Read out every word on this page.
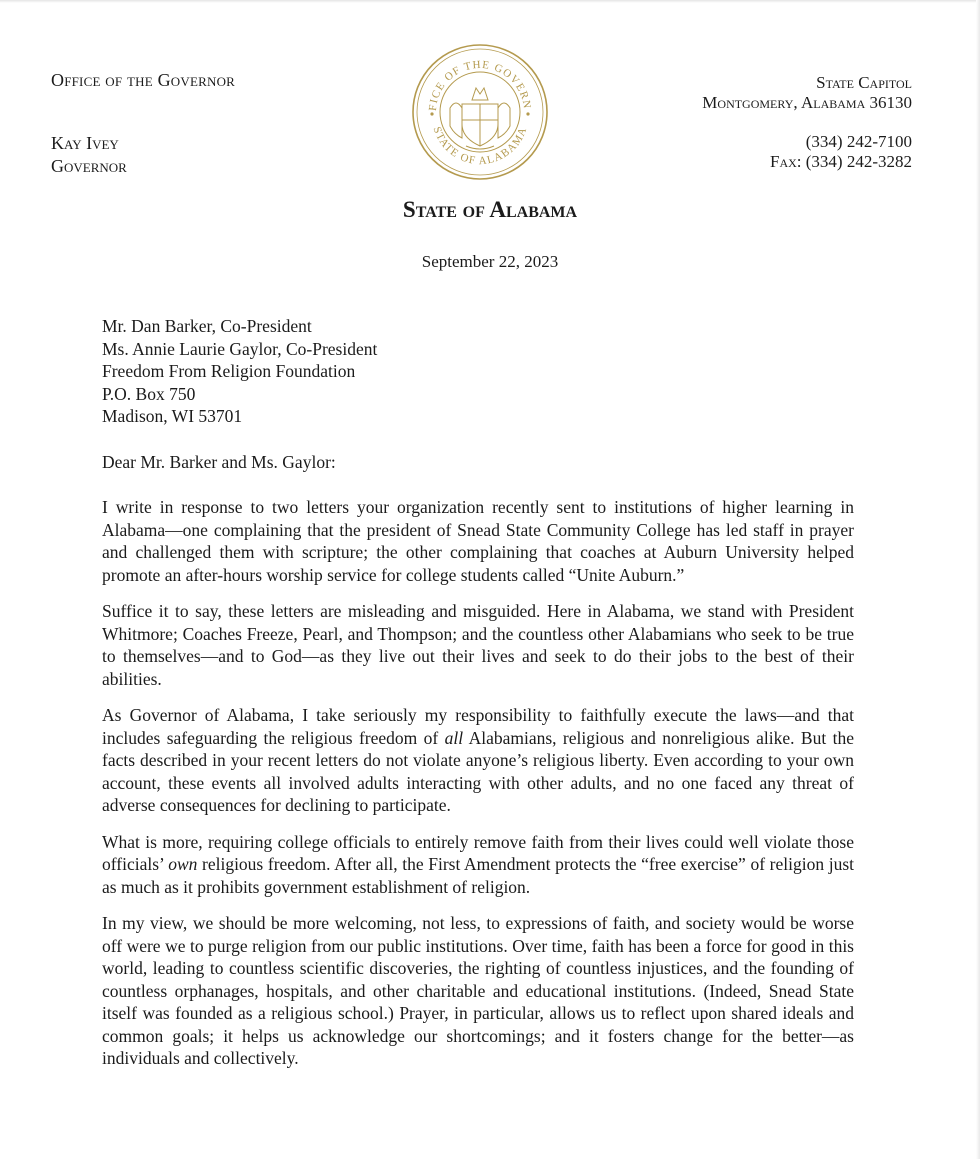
Office of the Governor
Kay Ivey
Governor
FICE OF THE GOVERN
STATE OF ALABAMA
State Capitol
Montgomery, Alabama 36130
(334) 242-7100
Fax: (334) 242-3282
State of Alabama
September 22, 2023
Mr. Dan Barker, Co-President
Ms. Annie Laurie Gaylor, Co-President
Freedom From Religion Foundation
P.O. Box 750
Madison, WI 53701
Dear Mr. Barker and Ms. Gaylor:

I write in response to two letters your organization recently sent to institutions of higher learning in Alabama—one complaining that the president of Snead State Community College has led staff in prayer and challenged them with scripture; the other complaining that coaches at Auburn University helped promote an after-hours worship service for college students called “Unite Auburn.”

Suffice it to say, these letters are misleading and misguided. Here in Alabama, we stand with President Whitmore; Coaches Freeze, Pearl, and Thompson; and the countless other Alabamians who seek to be true to themselves—and to God—as they live out their lives and seek to do their jobs to the best of their abilities.

As Governor of Alabama, I take seriously my responsibility to faithfully execute the laws—and that includes safeguarding the religious freedom of all Alabamians, religious and nonreligious alike. But the facts described in your recent letters do not violate anyone’s religious liberty. Even according to your own account, these events all involved adults interacting with other adults, and no one faced any threat of adverse consequences for declining to participate.

What is more, requiring college officials to entirely remove faith from their lives could well violate those officials’ own religious freedom. After all, the First Amendment protects the “free exercise” of religion just as much as it prohibits government establishment of religion.

In my view, we should be more welcoming, not less, to expressions of faith, and society would be worse off were we to purge religion from our public institutions. Over time, faith has been a force for good in this world, leading to countless scientific discoveries, the righting of countless injustices, and the founding of countless orphanages, hospitals, and other charitable and educational institutions. (Indeed, Snead State itself was founded as a religious school.) Prayer, in particular, allows us to reflect upon shared ideals and common goals; it helps us acknowledge our shortcomings; and it fosters change for the better—as individuals and collectively.
